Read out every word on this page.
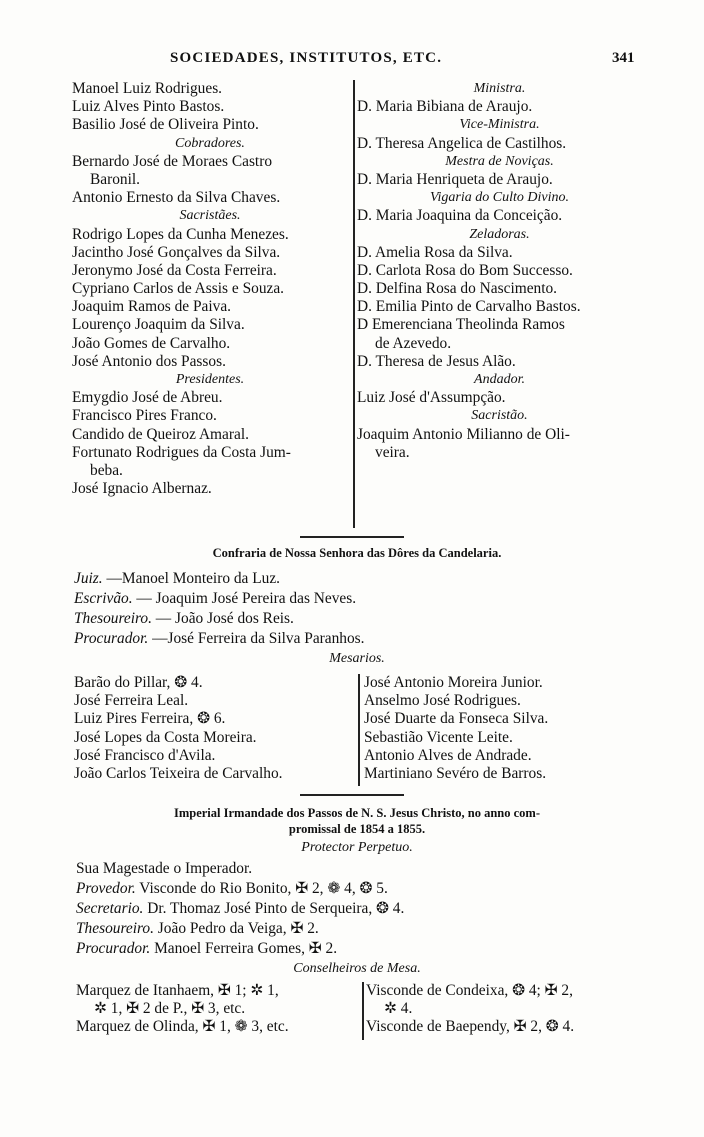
SOCIEDADES, INSTITUTOS, ETC.	341
Manoel Luiz Rodrigues.
Luiz Alves Pinto Bastos.
Basilio José de Oliveira Pinto.
Cobradores.
Bernardo José de Moraes Castro
Baronil.
Antonio Ernesto da Silva Chaves.
Sacristães.
Rodrigo Lopes da Cunha Menezes.
Jacintho José Gonçalves da Silva.
Jeronymo José da Costa Ferreira.
Cypriano Carlos de Assis e Souza.
Joaquim Ramos de Paiva.
Lourenço Joaquim da Silva.
João Gomes de Carvalho.
José Antonio dos Passos.
Presidentes.
Emygdio José de Abreu.
Francisco Pires Franco.
Candido de Queiroz Amaral.
Fortunato Rodrigues da Costa Jum-
beba.
José Ignacio Albernaz.
Ministra.
D. Maria Bibiana de Araujo.
Vice-Ministra.
D. Theresa Angelica de Castilhos.
Mestra de Noviças.
D. Maria Henriqueta de Araujo.
Vigaria do Culto Divino.
D. Maria Joaquina da Conceição.
Zeladoras.
D. Amelia Rosa da Silva.
D. Carlota Rosa do Bom Successo.
D. Delfina Rosa do Nascimento.
D. Emilia Pinto de Carvalho Bastos.
D Emerenciana Theolinda Ramos
de Azevedo.
D. Theresa de Jesus Alão.
Andador.
Luiz José d'Assumpção.
Sacristão.
Joaquim Antonio Milianno de Oli-
veira.
Confraria de Nossa Senhora das Dôres da Candelaria.
Juiz. —Manoel Monteiro da Luz.
Escrivão. — Joaquim José Pereira das Neves.
Thesoureiro. — João José dos Reis.
Procurador. —José Ferreira da Silva Paranhos.
Mesarios.
Barão do Pillar, ❂ 4.
José Ferreira Leal.
Luiz Pires Ferreira, ❂ 6.
José Lopes da Costa Moreira.
José Francisco d'Avila.
João Carlos Teixeira de Carvalho.
José Antonio Moreira Junior.
Anselmo José Rodrigues.
José Duarte da Fonseca Silva.
Sebastião Vicente Leite.
Antonio Alves de Andrade.
Martiniano Sevéro de Barros.
Imperial Irmandade dos Passos de N. S. Jesus Christo, no anno com-
promissal de 1854 a 1855.
Protector Perpetuo.
Sua Magestade o Imperador.
Provedor. Visconde do Rio Bonito, ✠ 2, ❁ 4, ❂ 5.
Secretario. Dr. Thomaz José Pinto de Serqueira, ❂ 4.
Thesoureiro. João Pedro da Veiga, ✠ 2.
Procurador. Manoel Ferreira Gomes, ✠ 2.
Conselheiros de Mesa.
Marquez de Itanhaem, ✠ 1; ✲ 1,
✲ 1, ✠ 2 de P., ✠ 3, etc.
Marquez de Olinda, ✠ 1, ❁ 3, etc.
Visconde de Condeixa, ❂ 4; ✠ 2,
✲ 4.
Visconde de Baependy, ✠ 2, ❂ 4.
